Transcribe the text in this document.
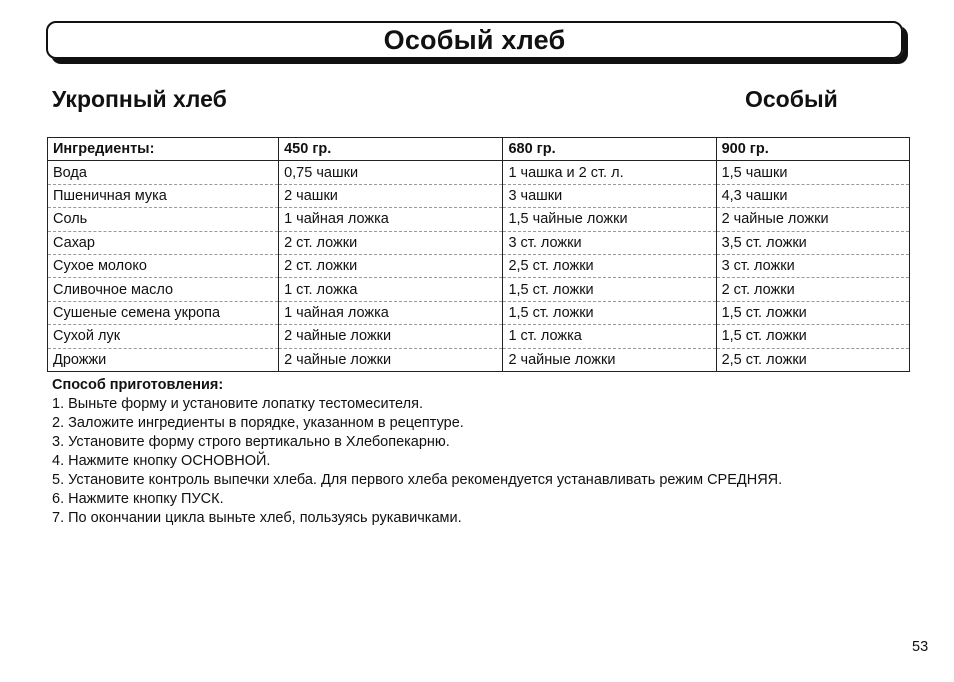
Особый хлеб
Укропный хлеб	Особый
Ингредиенты:	450 гр.	680 гр.	900 гр.
Вода	0,75 чашки	1 чашка и 2 ст. л.	1,5 чашки
Пшеничная мука	2 чашки	3 чашки	4,3 чашки
Соль	1 чайная ложка	1,5 чайные ложки	2 чайные ложки
Сахар	2 ст. ложки	3 ст. ложки	3,5 ст. ложки
Сухое молоко	2 ст. ложки	2,5 ст. ложки	3 ст. ложки
Сливочное масло	1 ст. ложка	1,5 ст. ложки	2 ст. ложки
Сушеные семена укропа	1 чайная ложка	1,5 ст. ложки	1,5 ст. ложки
Сухой лук	2 чайные ложки	1 ст. ложка	1,5 ст. ложки
Дрожжи	2 чайные ложки	2 чайные ложки	2,5 ст. ложки
Способ приготовления:
1. Выньте форму и установите лопатку тестомесителя.
2. Заложите ингредиенты в порядке, указанном в рецептуре.
3. Установите форму строго вертикально в Хлебопекарню.
4. Нажмите кнопку ОСНОВНОЙ.
5. Установите контроль выпечки хлеба. Для первого хлеба рекомендуется устанавливать режим СРЕДНЯЯ.
6. Нажмите кнопку ПУСК.
7. По окончании цикла выньте хлеб, пользуясь рукавичками.
53
